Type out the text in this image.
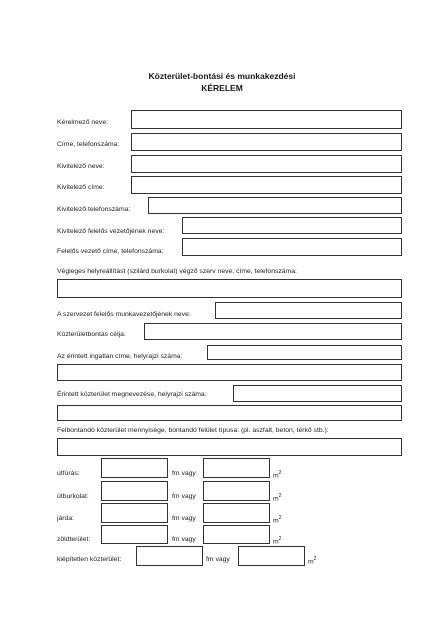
Közterület-bontási és munkakezdési
KÉRELEM
Kérelmező neve:
Címe, telefonszáma:
Kivitelező neve:
Kivitelező címe:
Kivitelező telefonszáma:
Kivitelező felelős vezetőjének neve:
Felelős vezető címe, telefonszáma:
Végleges helyreállítást (szilárd burkolat) végző szerv neve, címe, telefonszáma:
A szervezet felelős munkavezetőjének neve:
Közterületbontás célja:
Az érintett ingatlan címe, helyrajzi száma:
Érintett közterület megnevezése, helyrajzi száma:
Felbontandó közterület mennyisége, bontandó felület típusa: (pl. aszfalt, beton, térkő stb.):
útfúrás:	fm vagy	$m^2$
útburkolat:	fm vagy	$m^2$
járda:	fm vagy	$m^2$
zöldterület:	fm vagy	$m^2$
kiépítetlen közterület:	fm vagy	$m^2$
